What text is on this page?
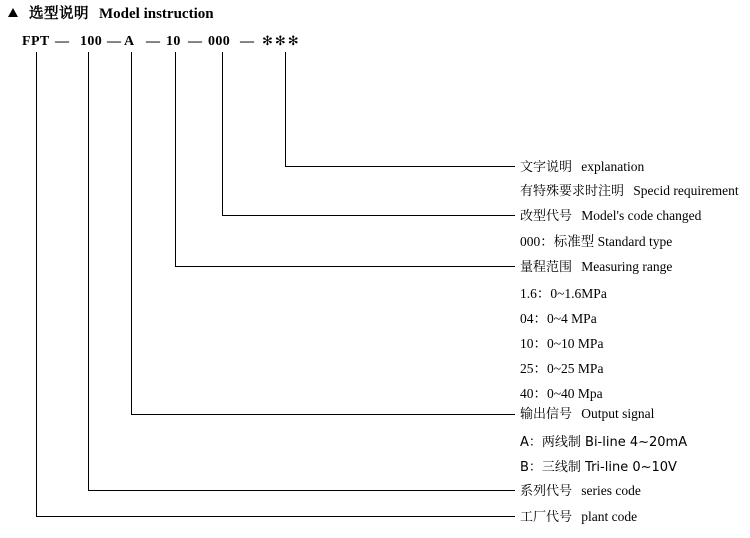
选型说明 Model instruction
FPT — 100 — A — 10 — 000 — ✻✻✻
文字说明 explanation
有特殊要求时注明 Specid requirement
改型代号 Model's code changed
000：标准型 Standard type
量程范围 Measuring range
1.6：0~1.6MPa
04：0~4 MPa
10：0~10 MPa
25：0~25 MPa
40：0~40 Mpa
输出信号 Output signal
A：两线制 Bi-line 4~20mA
B：三线制 Tri-line 0~10V
系列代号 series code
工厂代号 plant code
